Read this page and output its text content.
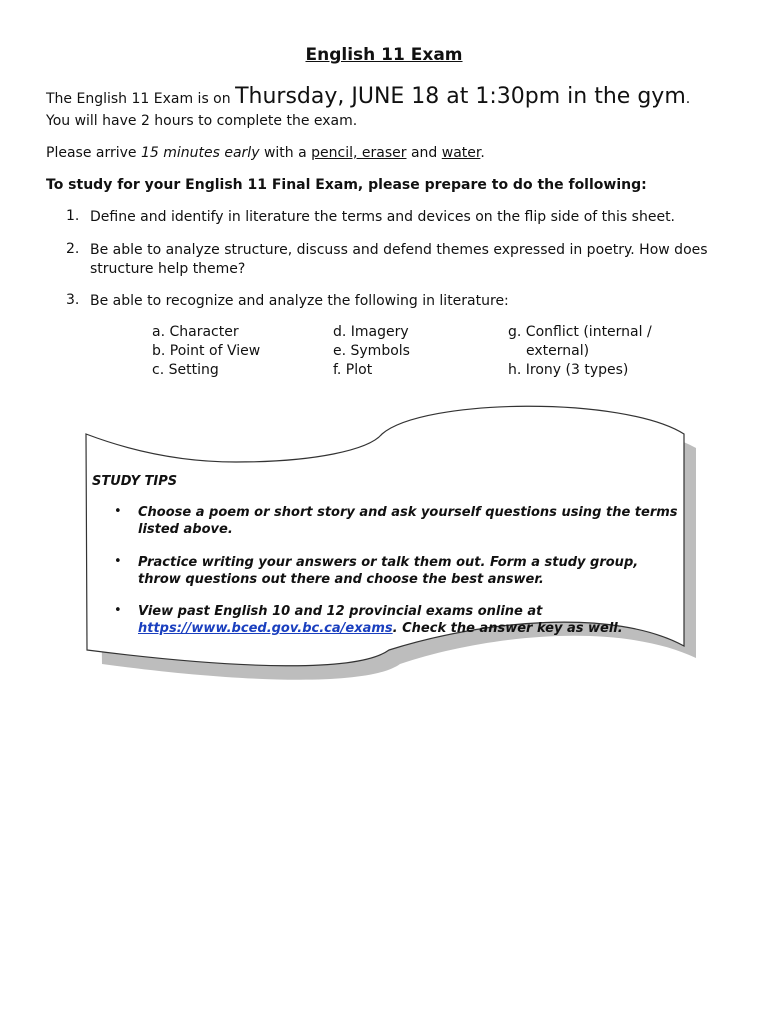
English 11 Exam
The English 11 Exam is on Thursday, JUNE 18 at 1:30pm in the gym.
You will have 2 hours to complete the exam.
Please arrive 15 minutes early with a pencil, eraser and water.
To study for your English 11 Final Exam, please prepare to do the following:
1. Define and identify in literature the terms and devices on the flip side of this sheet.
2. Be able to analyze structure, discuss and defend themes expressed in poetry. How does structure help theme?
3. Be able to recognize and analyze the following in literature:
a. Character
b. Point of View
c. Setting
d. Imagery
e. Symbols
f. Plot
g. Conflict (internal /
external)
h. Irony (3 types)
STUDY TIPS
• Choose a poem or short story and ask yourself questions using the terms listed above.
• Practice writing your answers or talk them out. Form a study group, throw questions out there and choose the best answer.
• View past English 10 and 12 provincial exams online at
https://www.bced.gov.bc.ca/exams. Check the answer key as well.
